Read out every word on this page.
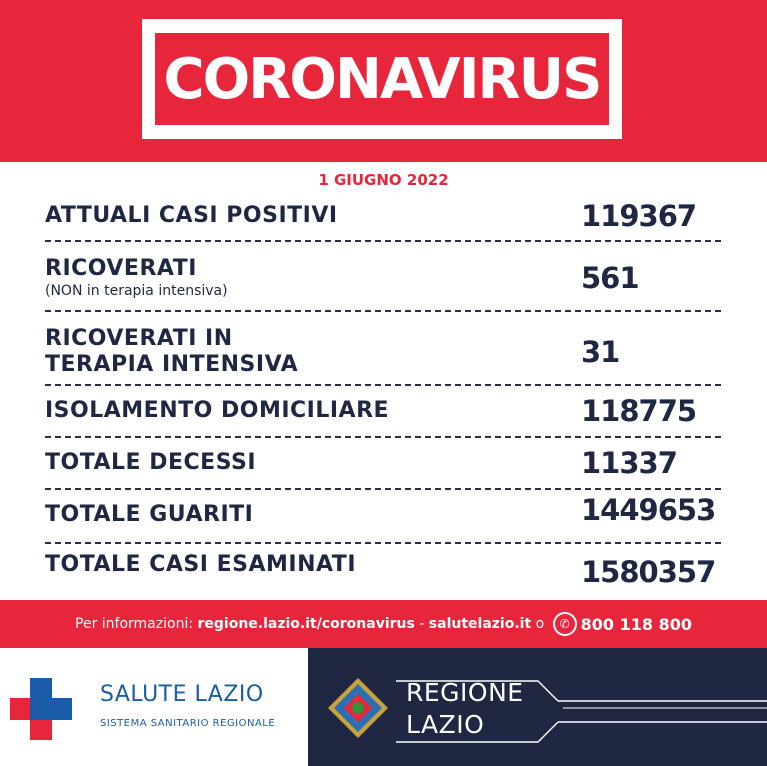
CORONAVIRUS
1 GIUGNO 2022
ATTUALI CASI POSITIVI	119367
RICOVERATI
(NON in terapia intensiva)	561
RICOVERATI IN
TERAPIA INTENSIVA	31
ISOLAMENTO DOMICILIARE	118775
TOTALE DECESSI	11337
TOTALE GUARITI	1449653
TOTALE CASI ESAMINATI	1580357
Per informazioni:
regione.lazio.it/coronavirus - salutelazio.it o ✆ 800 118 800
SALUTE LAZIO
SISTEMA SANITARIO REGIONALE
REGIONE
LAZIO
